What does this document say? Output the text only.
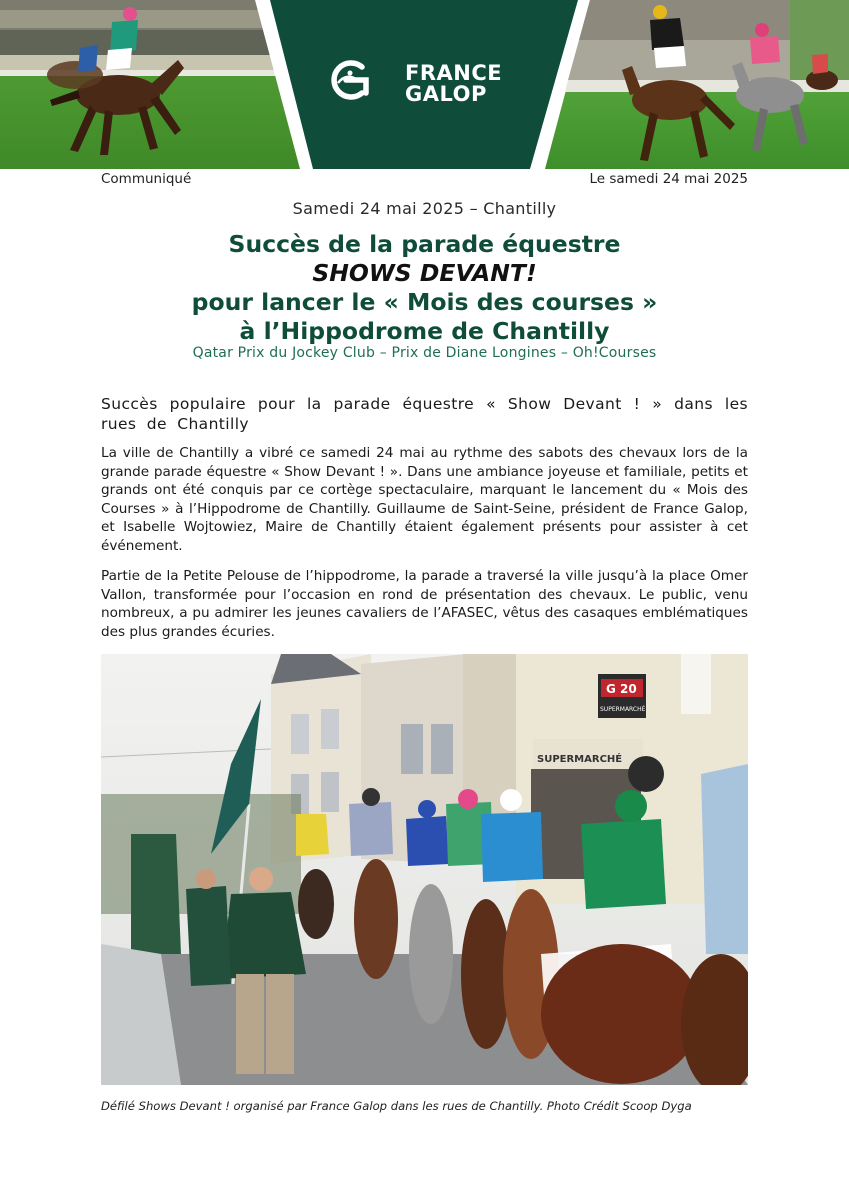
FRANCE
GALOP
Communiqué	Le samedi 24 mai 2025
Samedi 24 mai 2025 – Chantilly
Succès de la parade équestre
SHOWS DEVANT!
pour lancer le « Mois des courses »
à l’Hippodrome de Chantilly
Qatar Prix du Jockey Club – Prix de Diane Longines – Oh!Courses
Succès populaire pour la parade équestre « Show Devant ! » dans les rues de Chantilly
La ville de Chantilly a vibré ce samedi 24 mai au rythme des sabots des chevaux lors de la grande parade équestre « Show Devant ! ». Dans une ambiance joyeuse et familiale, petits et grands ont été conquis par ce cortège spectaculaire, marquant le lancement du « Mois des Courses » à l’Hippodrome de Chantilly. Guillaume de Saint-Seine, président de France Galop, et Isabelle Wojtowiez, Maire de Chantilly étaient également présents pour assister à cet événement.
Partie de la Petite Pelouse de l’hippodrome, la parade a traversé la ville jusqu’à la place Omer Vallon, transformée pour l’occasion en rond de présentation des chevaux. Le public, venu nombreux, a pu admirer les jeunes cavaliers de l’AFASEC, vêtus des casaques emblématiques des plus grandes écuries.
SUPERMARCHÉ
G 20
SUPERMARCHÉ
Défilé Shows Devant ! organisé par France Galop dans les rues de Chantilly. Photo Crédit Scoop Dyga
